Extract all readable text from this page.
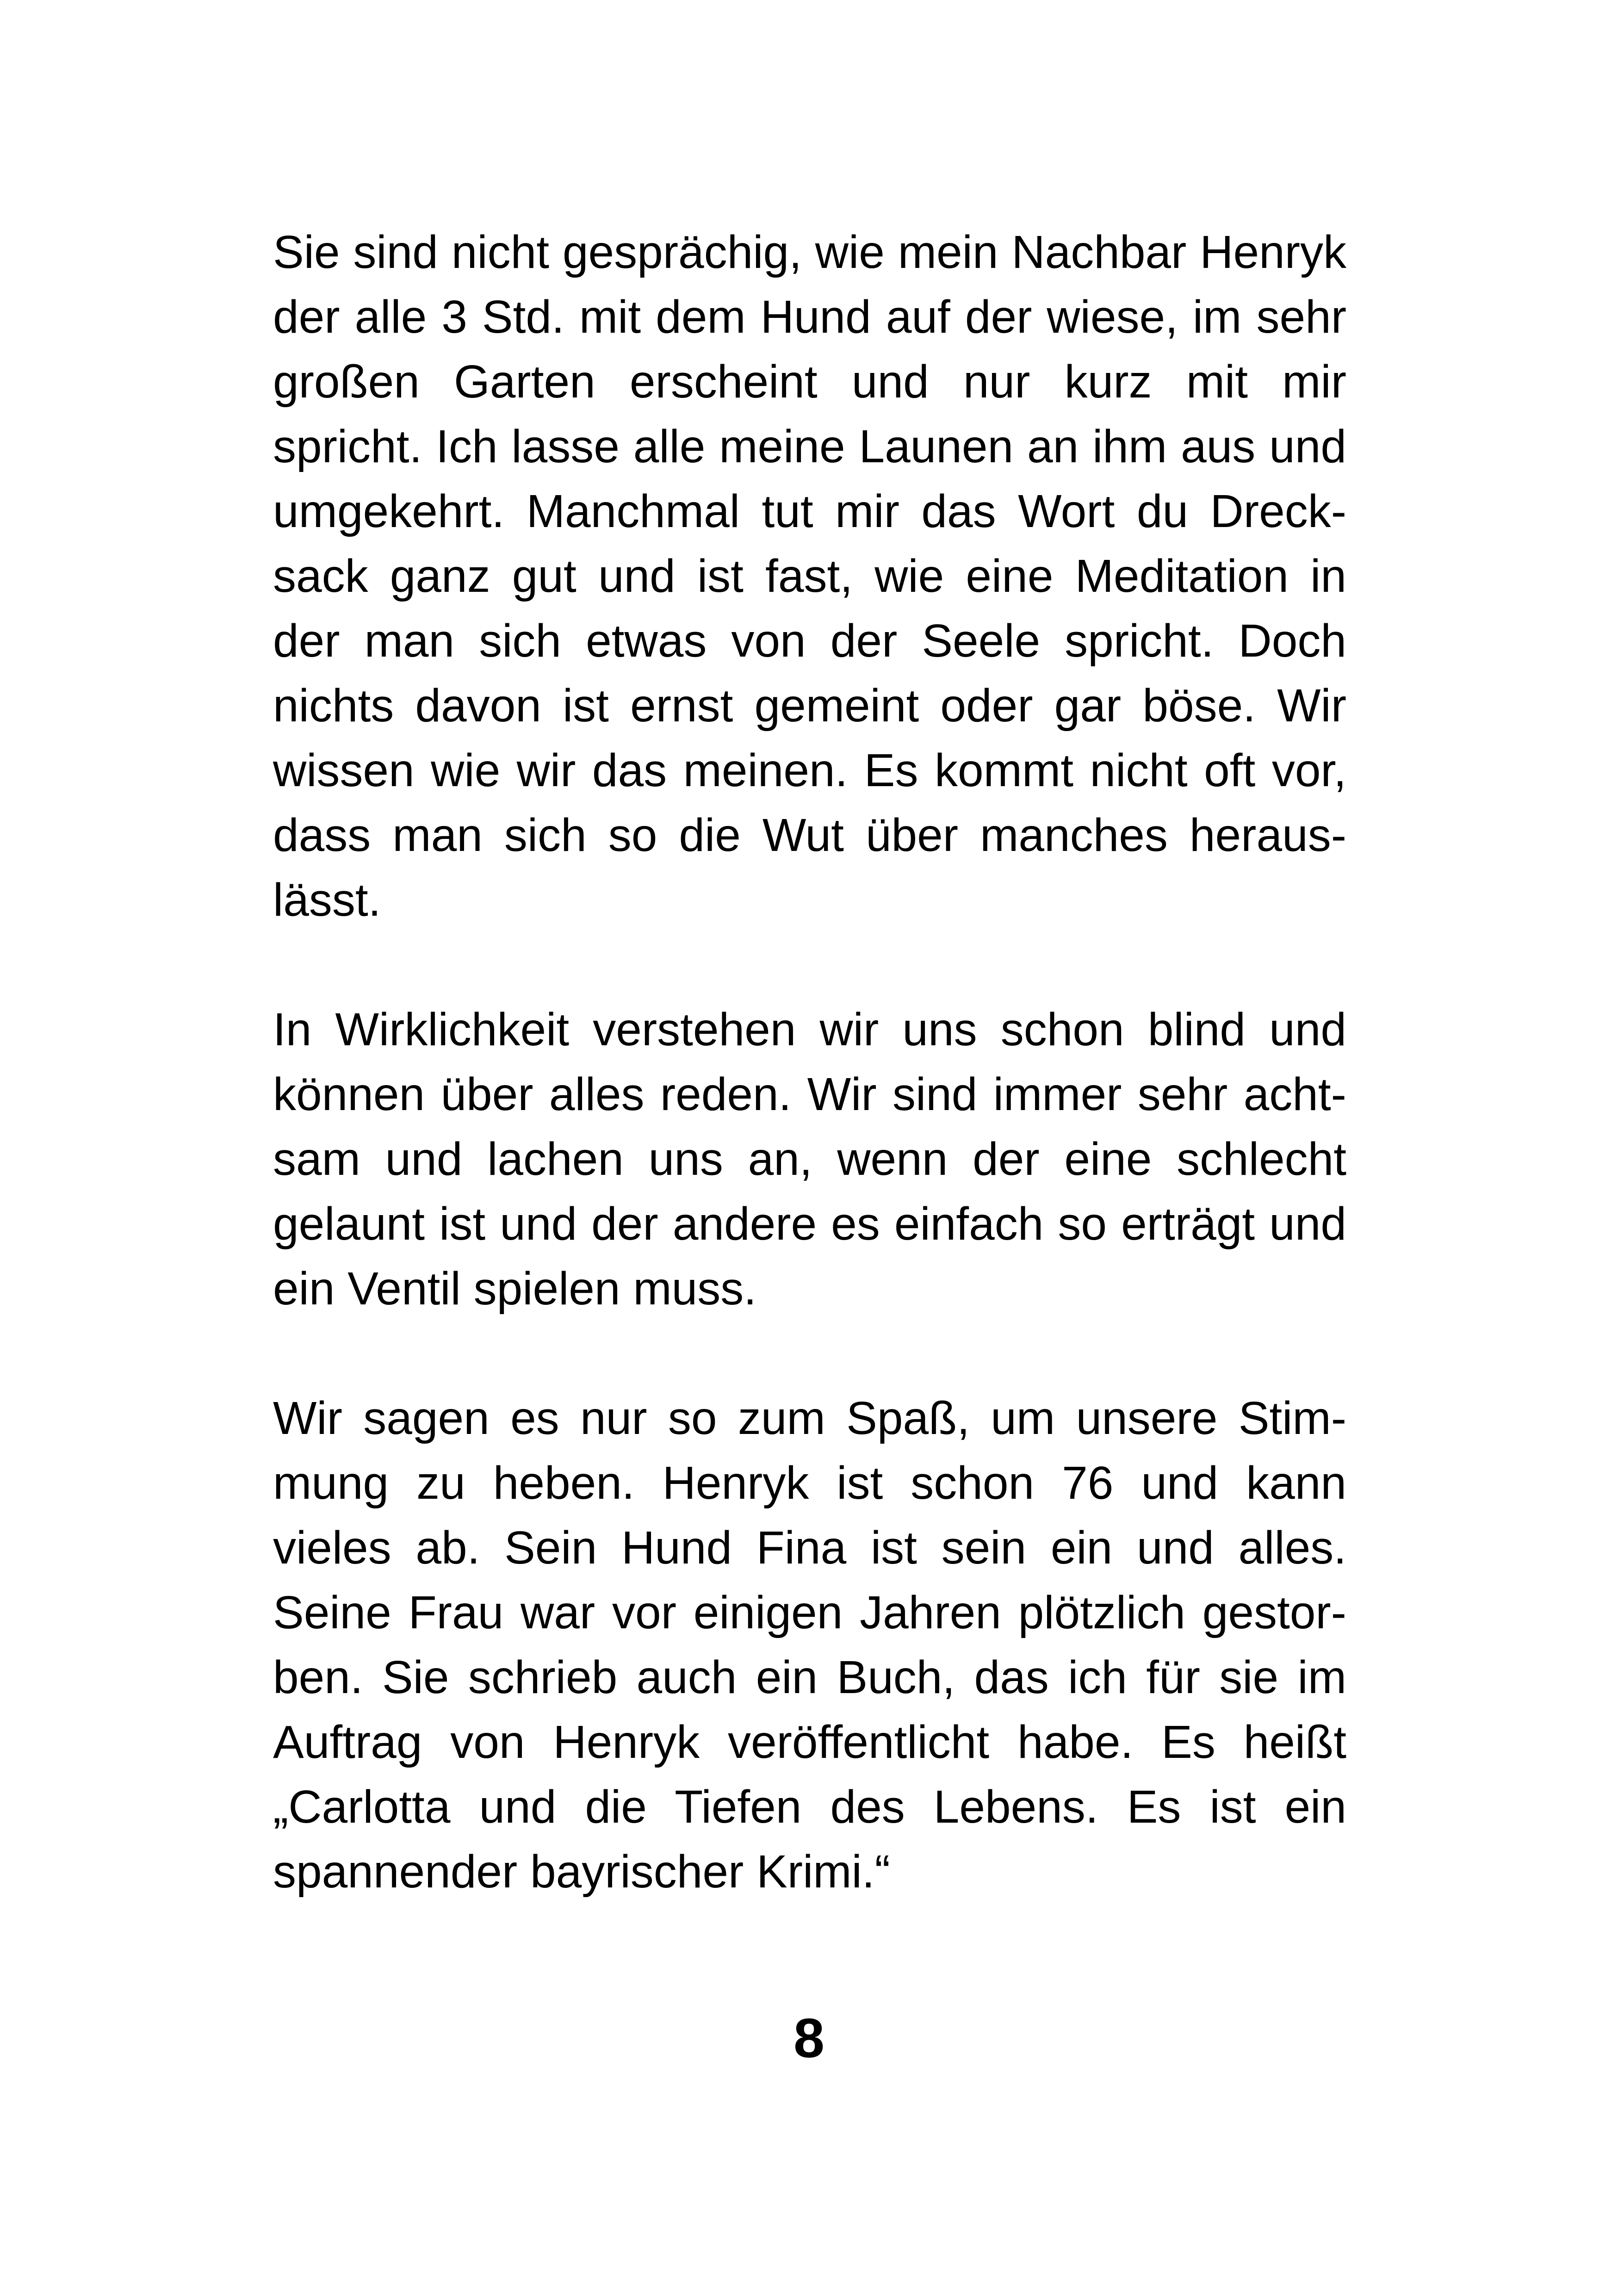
Sie sind nicht gesprächig, wie mein Nachbar Henryk
der alle 3 Std. mit dem Hund auf der wiese, im sehr
großen Garten erscheint und nur kurz mit mir
spricht. Ich lasse alle meine Launen an ihm aus und
umgekehrt. Manchmal tut mir das Wort du Dreck-
sack ganz gut und ist fast, wie eine Meditation in
der man sich etwas von der Seele spricht. Doch
nichts davon ist ernst gemeint oder gar böse. Wir
wissen wie wir das meinen. Es kommt nicht oft vor,
dass man sich so die Wut über manches heraus-
lässt.
In Wirklichkeit verstehen wir uns schon blind und
können über alles reden. Wir sind immer sehr acht-
sam und lachen uns an, wenn der eine schlecht
gelaunt ist und der andere es einfach so erträgt und
ein Ventil spielen muss.
Wir sagen es nur so zum Spaß, um unsere Stim-
mung zu heben. Henryk ist schon 76 und kann
vieles ab. Sein Hund Fina ist sein ein und alles.
Seine Frau war vor einigen Jahren plötzlich gestor-
ben. Sie schrieb auch ein Buch, das ich für sie im
Auftrag von Henryk veröffentlicht habe. Es heißt
„Carlotta und die Tiefen des Lebens. Es ist ein
spannender bayrischer Krimi.“
8
